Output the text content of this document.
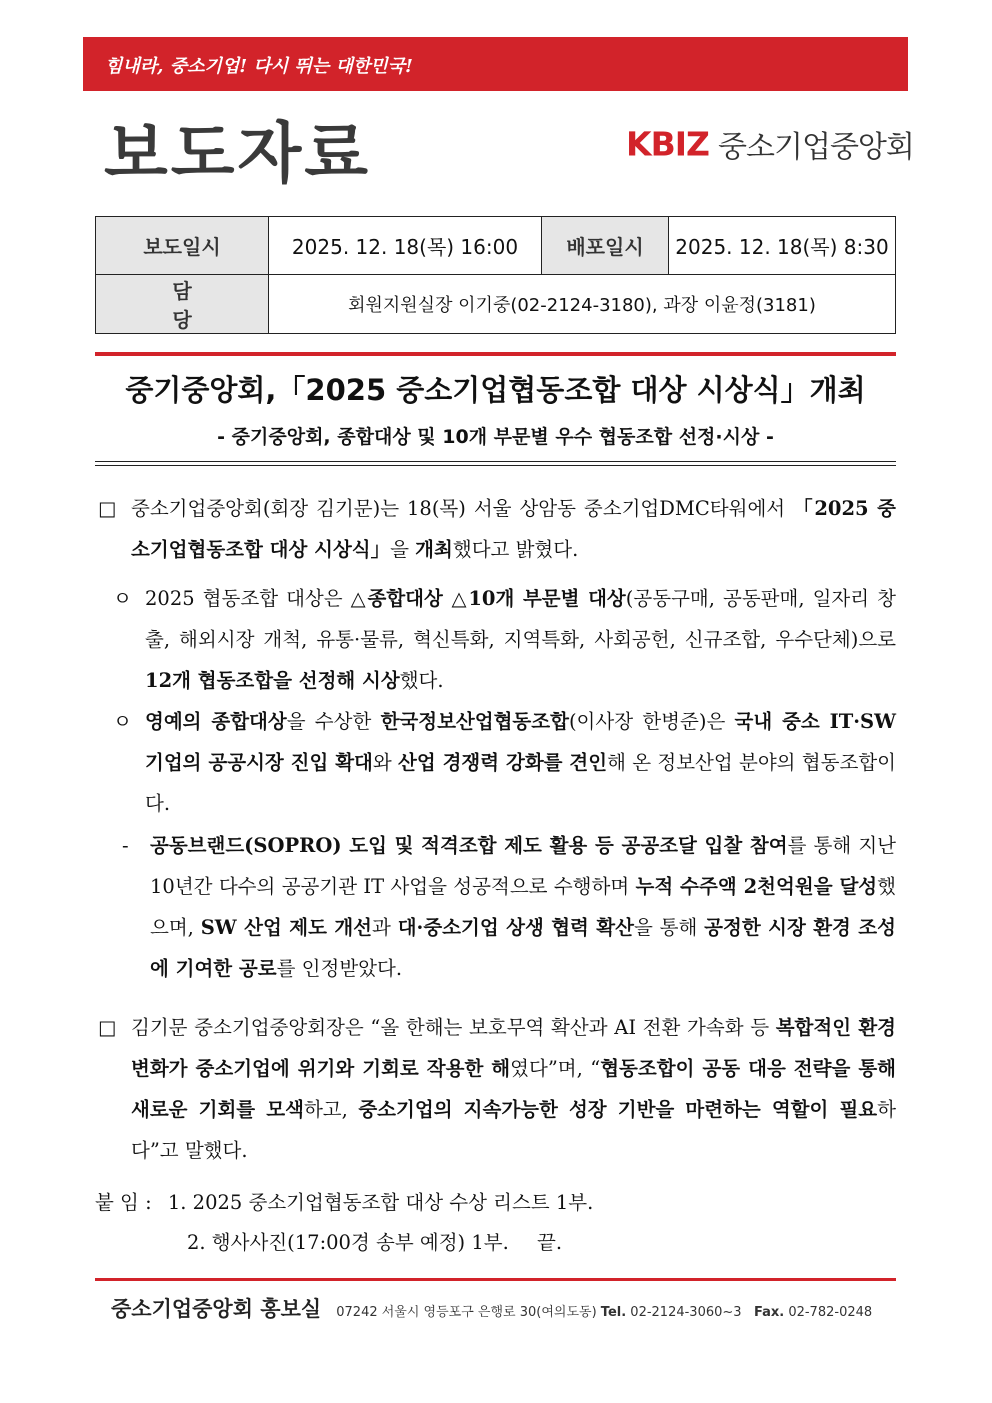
힘내라, 중소기업! 다시 뛰는 대한민국!
보도자료	KBIZ 중소기업중앙회
보도일시	2025. 12. 18(목) 16:00	배포일시	2025. 12. 18(목) 8:30
담당	회원지원실장 이기중(02-2124-3180), 과장 이윤정(3181)		
중기중앙회,「2025 중소기업협동조합 대상 시상식」개최
- 중기중앙회, 종합대상 및 10개 부문별 우수 협동조합 선정·시상 -
□ 중소기업중앙회(회장 김기문)는 18(목) 서울 상암동 중소기업DMC타워에서 「2025 중소기업협동조합 대상 시상식」을 개최했다고 밝혔다.
ㅇ 2025 협동조합 대상은 △종합대상 △10개 부문별 대상(공동구매, 공동판매, 일자리 창출, 해외시장 개척, 유통·물류, 혁신특화, 지역특화, 사회공헌, 신규조합, 우수단체)으로 12개 협동조합을 선정해 시상했다.
ㅇ 영예의 종합대상을 수상한 한국정보산업협동조합(이사장 한병준)은 국내 중소 IT·SW 기업의 공공시장 진입 확대와 산업 경쟁력 강화를 견인해 온 정보산업 분야의 협동조합이다.
- 공동브랜드(SOPRO) 도입 및 적격조합 제도 활용 등 공공조달 입찰 참여를 통해 지난 10년간 다수의 공공기관 IT 사업을 성공적으로 수행하며 누적 수주액 2천억원을 달성했으며, SW 산업 제도 개선과 대·중소기업 상생 협력 확산을 통해 공정한 시장 환경 조성에 기여한 공로를 인정받았다.
□ 김기문 중소기업중앙회장은 “올 한해는 보호무역 확산과 AI 전환 가속화 등 복합적인 환경 변화가 중소기업에 위기와 기회로 작용한 해였다”며, “협동조합이 공동 대응 전략을 통해 새로운 기회를 모색하고, 중소기업의 지속가능한 성장 기반을 마련하는 역할이 필요하다”고 말했다.
붙 임 : 1. 2025 중소기업협동조합 대상 수상 리스트 1부.
2. 행사사진(17:00경 송부 예정) 1부. 끝.
중소기업중앙회 홍보실 07242 서울시 영등포구 은행로 30(여의도동) Tel. 02-2124-3060~3 Fax. 02-782-0248
